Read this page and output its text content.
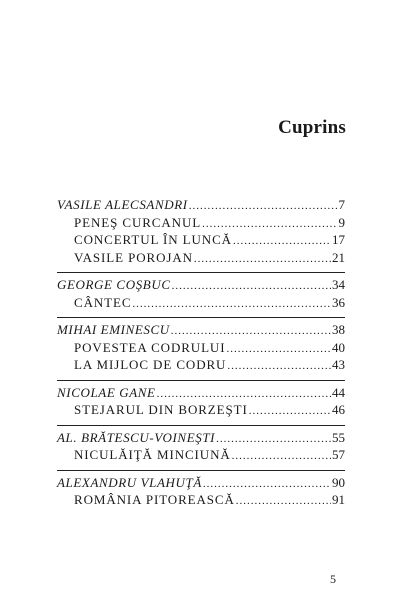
Cuprins
VASILE ALECSANDRI .....	7
PENEŞ CURCANUL .....	9
CONCERTUL ÎN LUNCĂ .....	17
VASILE POROJAN .....	21
GEORGE COŞBUC .....	34
CÂNTEC .....	36
MIHAI EMINESCU .....	38
POVESTEA CODRULUI .....	40
LA MIJLOC DE CODRU .....	43
NICOLAE GANE .....	44
STEJARUL DIN BORZEŞTI .....	46
AL. BRĂTESCU-VOINEŞTI .....	55
NICULĂIŢĂ MINCIUNĂ .....	57
ALEXANDRU VLAHUŢĂ .....	90
ROMÂNIA PITOREASCĂ .....	91
5
